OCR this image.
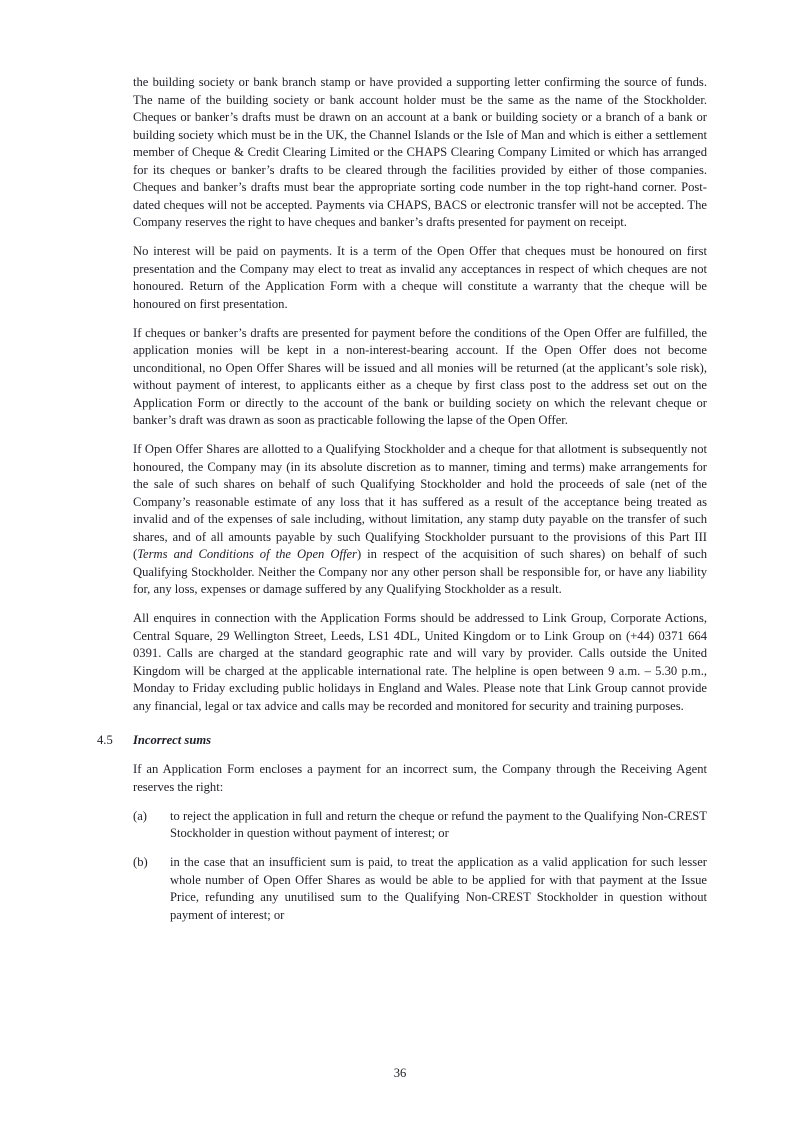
the building society or bank branch stamp or have provided a supporting letter confirming the source of funds. The name of the building society or bank account holder must be the same as the name of the Stockholder. Cheques or banker’s drafts must be drawn on an account at a bank or building society or a branch of a bank or building society which must be in the UK, the Channel Islands or the Isle of Man and which is either a settlement member of Cheque & Credit Clearing Limited or the CHAPS Clearing Company Limited or which has arranged for its cheques or banker’s drafts to be cleared through the facilities provided by either of those companies. Cheques and banker’s drafts must bear the appropriate sorting code number in the top right-hand corner. Post-dated cheques will not be accepted. Payments via CHAPS, BACS or electronic transfer will not be accepted. The Company reserves the right to have cheques and banker’s drafts presented for payment on receipt.

No interest will be paid on payments. It is a term of the Open Offer that cheques must be honoured on first presentation and the Company may elect to treat as invalid any acceptances in respect of which cheques are not honoured. Return of the Application Form with a cheque will constitute a warranty that the cheque will be honoured on first presentation.

If cheques or banker’s drafts are presented for payment before the conditions of the Open Offer are fulfilled, the application monies will be kept in a non-interest-bearing account. If the Open Offer does not become unconditional, no Open Offer Shares will be issued and all monies will be returned (at the applicant’s sole risk), without payment of interest, to applicants either as a cheque by first class post to the address set out on the Application Form or directly to the account of the bank or building society on which the relevant cheque or banker’s draft was drawn as soon as practicable following the lapse of the Open Offer.

If Open Offer Shares are allotted to a Qualifying Stockholder and a cheque for that allotment is subsequently not honoured, the Company may (in its absolute discretion as to manner, timing and terms) make arrangements for the sale of such shares on behalf of such Qualifying Stockholder and hold the proceeds of sale (net of the Company’s reasonable estimate of any loss that it has suffered as a result of the acceptance being treated as invalid and of the expenses of sale including, without limitation, any stamp duty payable on the transfer of such shares, and of all amounts payable by such Qualifying Stockholder pursuant to the provisions of this Part III (Terms and Conditions of the Open Offer) in respect of the acquisition of such shares) on behalf of such Qualifying Stockholder. Neither the Company nor any other person shall be responsible for, or have any liability for, any loss, expenses or damage suffered by any Qualifying Stockholder as a result.

All enquires in connection with the Application Forms should be addressed to Link Group, Corporate Actions, Central Square, 29 Wellington Street, Leeds, LS1 4DL, United Kingdom or to Link Group on (+44) 0371 664 0391. Calls are charged at the standard geographic rate and will vary by provider. Calls outside the United Kingdom will be charged at the applicable international rate. The helpline is open between 9 a.m. – 5.30 p.m., Monday to Friday excluding public holidays in England and Wales. Please note that Link Group cannot provide any financial, legal or tax advice and calls may be recorded and monitored for security and training purposes.

4.5	Incorrect sums

If an Application Form encloses a payment for an incorrect sum, the Company through the Receiving Agent reserves the right:

(a)	to reject the application in full and return the cheque or refund the payment to the Qualifying Non-CREST Stockholder in question without payment of interest; or

(b)	in the case that an insufficient sum is paid, to treat the application as a valid application for such lesser whole number of Open Offer Shares as would be able to be applied for with that payment at the Issue Price, refunding any unutilised sum to the Qualifying Non-CREST Stockholder in question without payment of interest; or

36
